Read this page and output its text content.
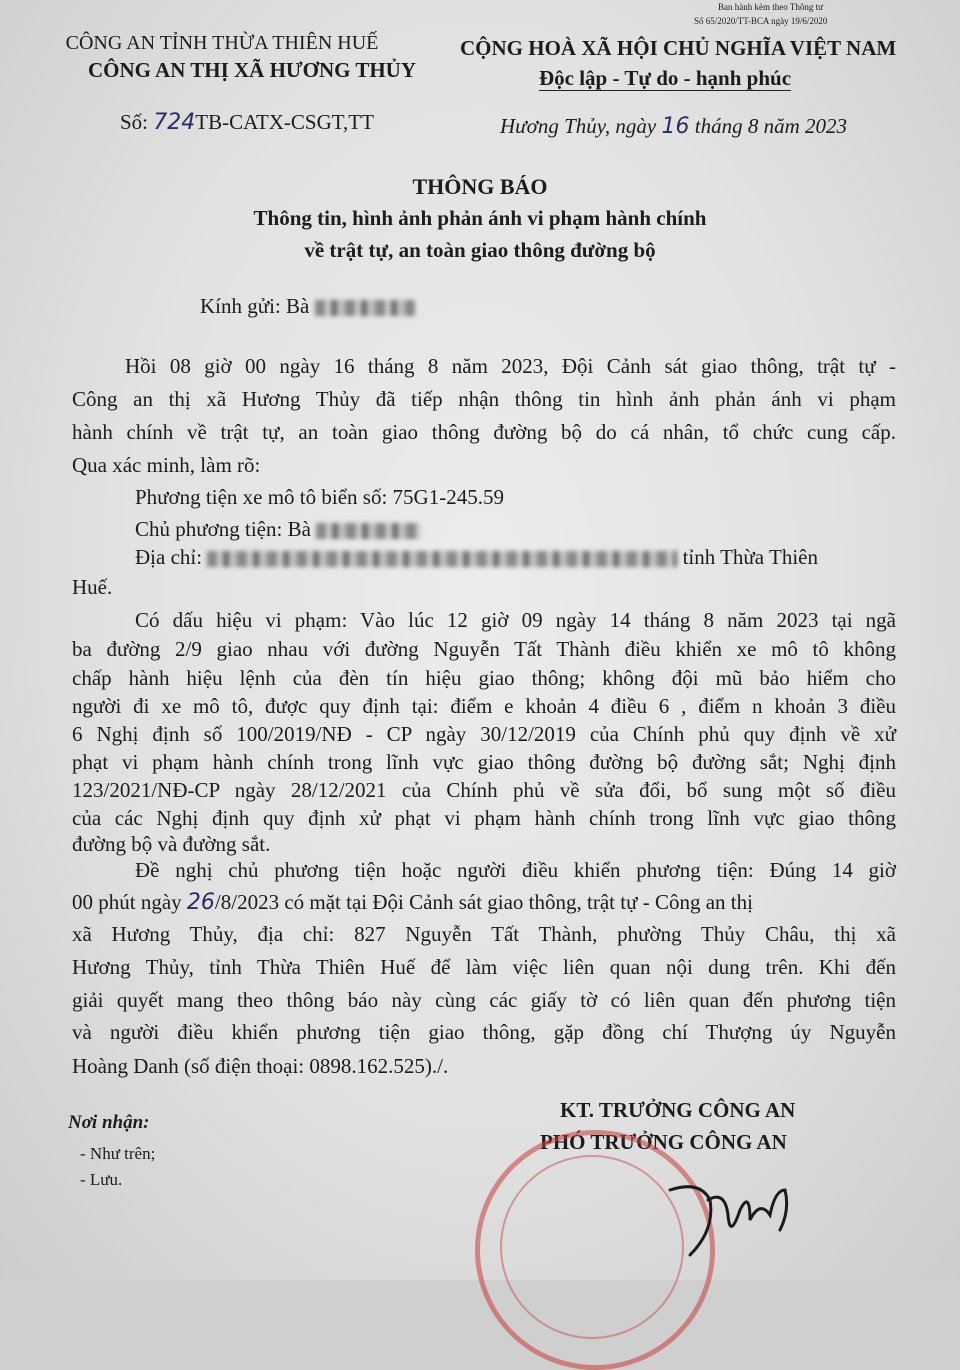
Ban hành kèm theo Thông tư
Số 65/2020/TT-BCA ngày 19/6/2020
CÔNG AN TỈNH THỪA THIÊN HUẾ
CÔNG AN THỊ XÃ HƯƠNG THỦY
Số: 724TB-CATX-CSGT,TT
CỘNG HOÀ XÃ HỘI CHỦ NGHĨA VIỆT NAM
Độc lập - Tự do - hạnh phúc
Hương Thủy, ngày 16 tháng 8 năm 2023
THÔNG BÁO
Thông tin, hình ảnh phản ánh vi phạm hành chính
về trật tự, an toàn giao thông đường bộ
Kính gửi: Bà
Hồi 08 giờ 00 ngày 16 tháng 8 năm 2023, Đội Cảnh sát giao thông, trật tự -
Công an thị xã Hương Thủy đã tiếp nhận thông tin hình ảnh phản ánh vi phạm
hành chính về trật tự, an toàn giao thông đường bộ do cá nhân, tổ chức cung cấp.
Qua xác minh, làm rõ:
Phương tiện xe mô tô biển số: 75G1-245.59
Chủ phương tiện: Bà
Địa chỉ:	tỉnh Thừa Thiên
Huế.
Có dấu hiệu vi phạm: Vào lúc 12 giờ 09 ngày 14 tháng 8 năm 2023 tại ngã
ba đường 2/9 giao nhau với đường Nguyễn Tất Thành điều khiển xe mô tô không
chấp hành hiệu lệnh của đèn tín hiệu giao thông; không đội mũ bảo hiểm cho
người đi xe mô tô, được quy định tại: điểm e khoản 4 điều 6 , điểm n khoản 3 điều
6 Nghị định số 100/2019/NĐ - CP ngày 30/12/2019 của Chính phủ quy định về xử
phạt vi phạm hành chính trong lĩnh vực giao thông đường bộ đường sắt; Nghị định
123/2021/NĐ-CP ngày 28/12/2021 của Chính phủ về sửa đổi, bổ sung một số điều
của các Nghị định quy định xử phạt vi phạm hành chính trong lĩnh vực giao thông
đường bộ và đường sắt.
Đề nghị chủ phương tiện hoặc người điều khiển phương tiện: Đúng 14 giờ
00 phút ngày 26/8/2023 có mặt tại Đội Cảnh sát giao thông, trật tự - Công an thị
xã Hương Thủy, địa chỉ: 827 Nguyễn Tất Thành, phường Thủy Châu, thị xã
Hương Thủy, tỉnh Thừa Thiên Huế để làm việc liên quan nội dung trên. Khi đến
giải quyết mang theo thông báo này cùng các giấy tờ có liên quan đến phương tiện
và người điều khiển phương tiện giao thông, gặp đồng chí Thượng úy Nguyễn
Hoàng Danh (số điện thoại: 0898.162.525)./.
Nơi nhận:
- Như trên;
- Lưu.
KT. TRƯỞNG CÔNG AN
PHÓ TRƯỞNG CÔNG AN
